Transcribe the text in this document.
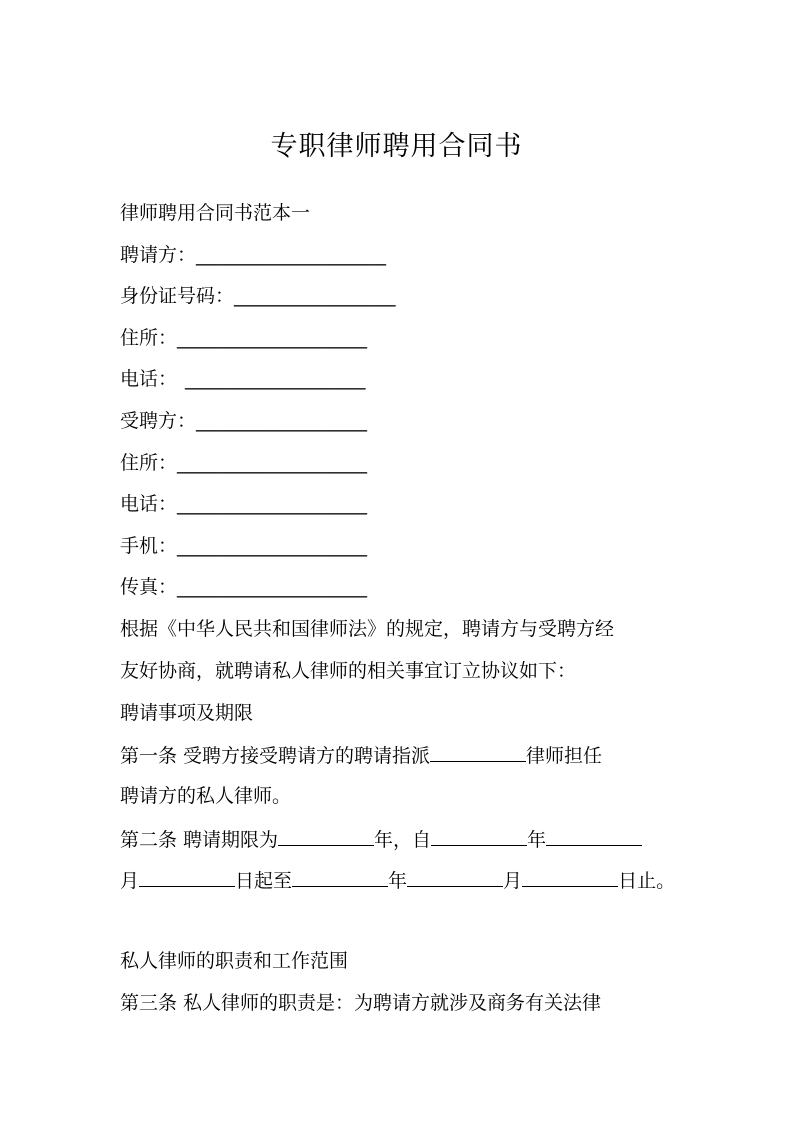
专职律师聘用合同书
律师聘用合同书范本一
聘请方：____________________
身份证号码：_________________
住所：____________________
电话： ___________________
受聘方：__________________
住所：____________________
电话：____________________
手机：____________________
传真：____________________
根据《中华人民共和国律师法》的规定，聘请方与受聘方经
友好协商，就聘请私人律师的相关事宜订立协议如下：
聘请事项及期限
第一条 受聘方接受聘请方的聘请指派	律师担任
聘请方的私人律师。
第二条 聘请期限为	年，自	年
月	日起至	年	月	日止。
私人律师的职责和工作范围
第三条 私人律师的职责是：为聘请方就涉及商务有关法律
